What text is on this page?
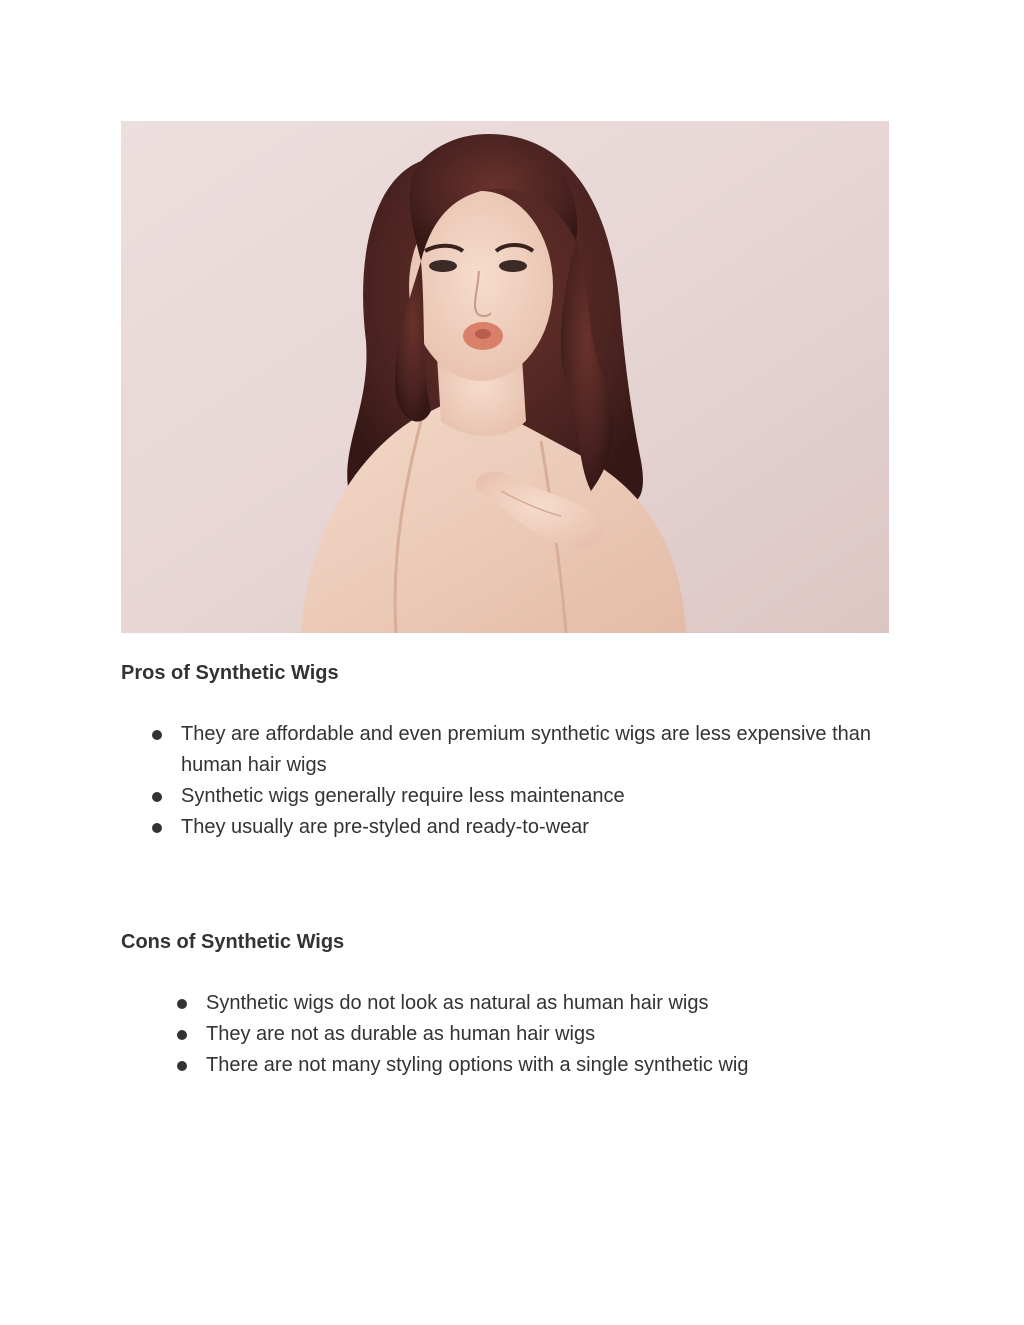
Pros of Synthetic Wigs
They are affordable and even premium synthetic wigs are less expensive than human hair wigs
Synthetic wigs generally require less maintenance
They usually are pre-styled and ready-to-wear
Cons of Synthetic Wigs
Synthetic wigs do not look as natural as human hair wigs
They are not as durable as human hair wigs
There are not many styling options with a single synthetic wig
